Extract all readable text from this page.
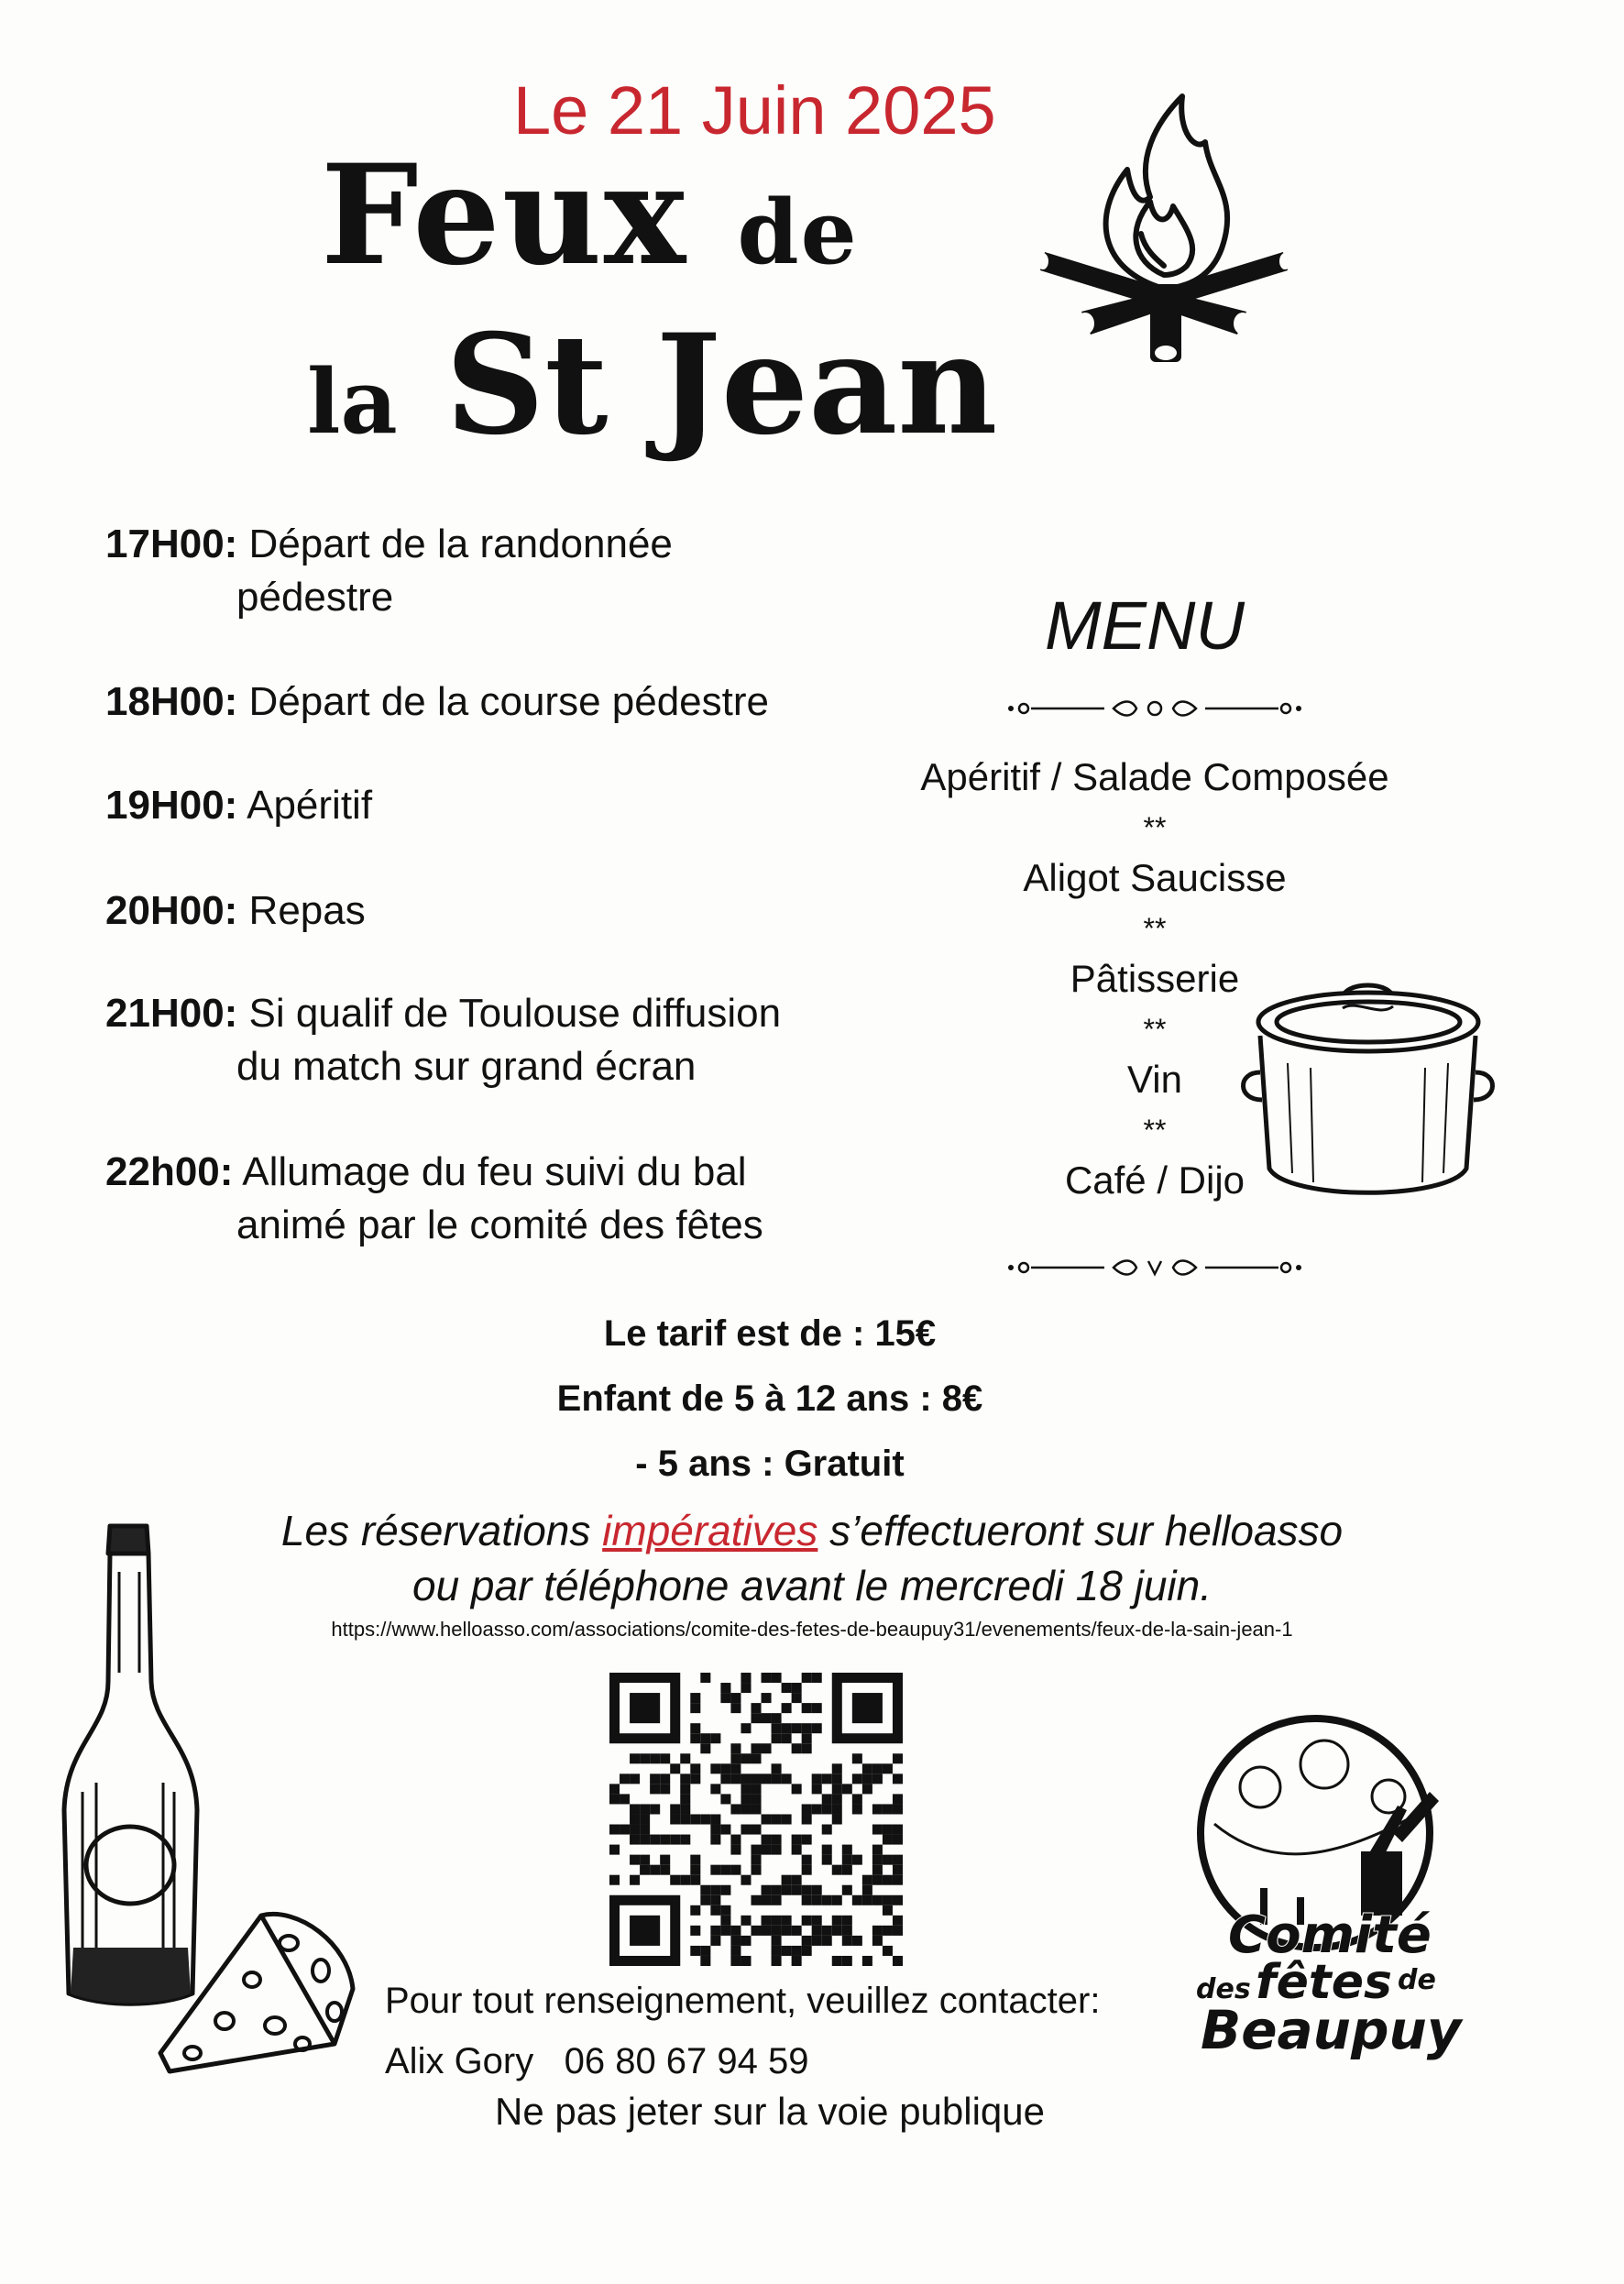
Le 21 Juin 2025
Feux de
la St Jean
17H00: Départ de la randonnée
pédestre
18H00: Départ de la course pédestre
19H00: Apéritif
20H00: Repas
21H00: Si qualif de Toulouse diffusion
du match sur grand écran
22h00: Allumage du feu suivi du bal
animé par le comité des fêtes
MENU
Apéritif / Salade Composée
**
Aligot Saucisse
**
Pâtisserie
**
Vin
**
Café / Dijo
Le tarif est de : 15€
Enfant de 5 à 12 ans : 8€
- 5 ans : Gratuit
Les réservations impératives s’effectueront sur helloasso
ou par téléphone avant le mercredi 18 juin.
https://www.helloasso.com/associations/comite-des-fetes-de-beaupuy31/evenements/feux-de-la-sain-jean-1
Comité
des fêtes de
Beaupuy
Pour tout renseignement, veuillez contacter:
Alix Gory   06 80 67 94 59
Ne pas jeter sur la voie publique
